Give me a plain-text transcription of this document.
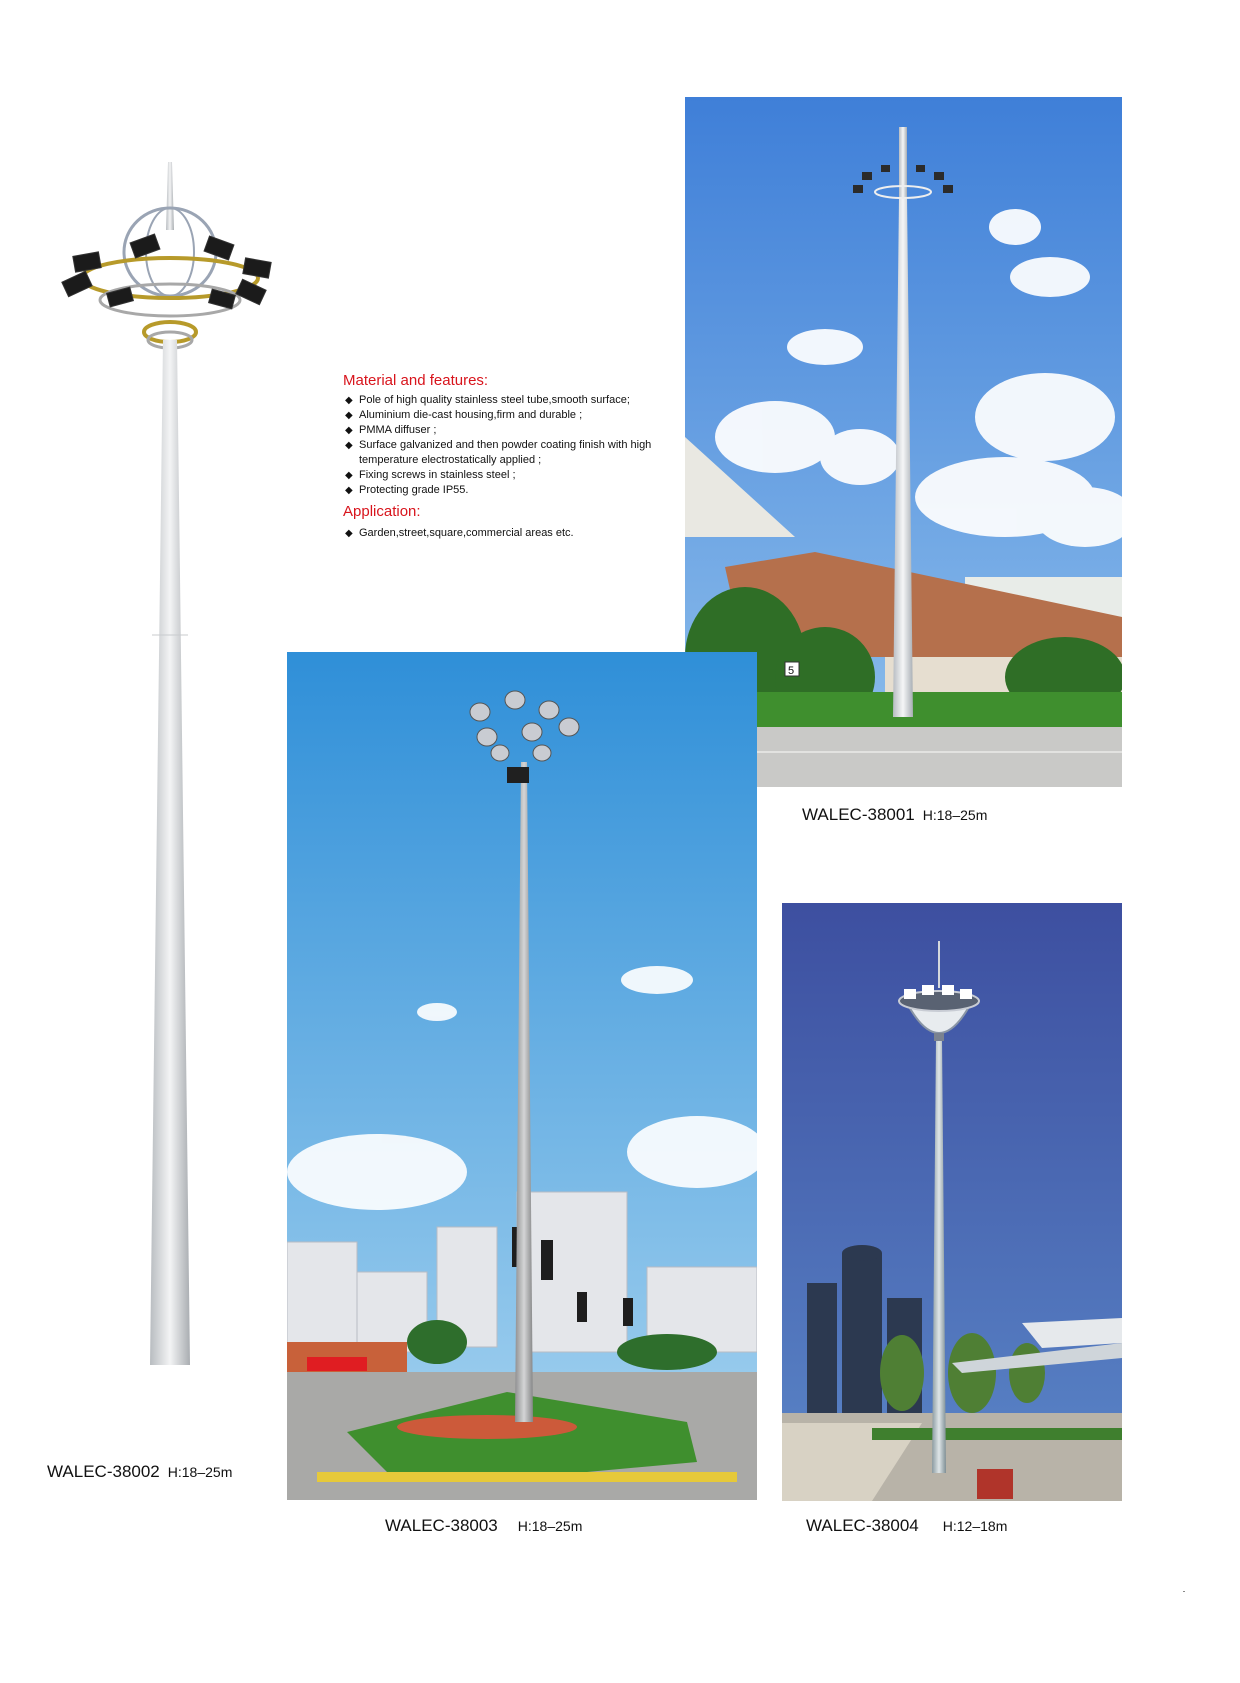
WALEC-38002 H:18–25m
Material and features:
◆ Pole of high quality stainless steel tube,smooth surface;
◆ Aluminium die-cast housing,firm and durable ;
◆ PMMA diffuser ;
◆ Surface galvanized and then powder coating finish with high temperature electrostatically applied ;
◆ Fixing screws in stainless steel ;
◆ Protecting grade IP55.
Application:
◆ Garden,street,square,commercial areas etc.
5
WALEC-38001 H:18–25m
WALEC-38003 H:18–25m	WALEC-38004 H:12–18m
